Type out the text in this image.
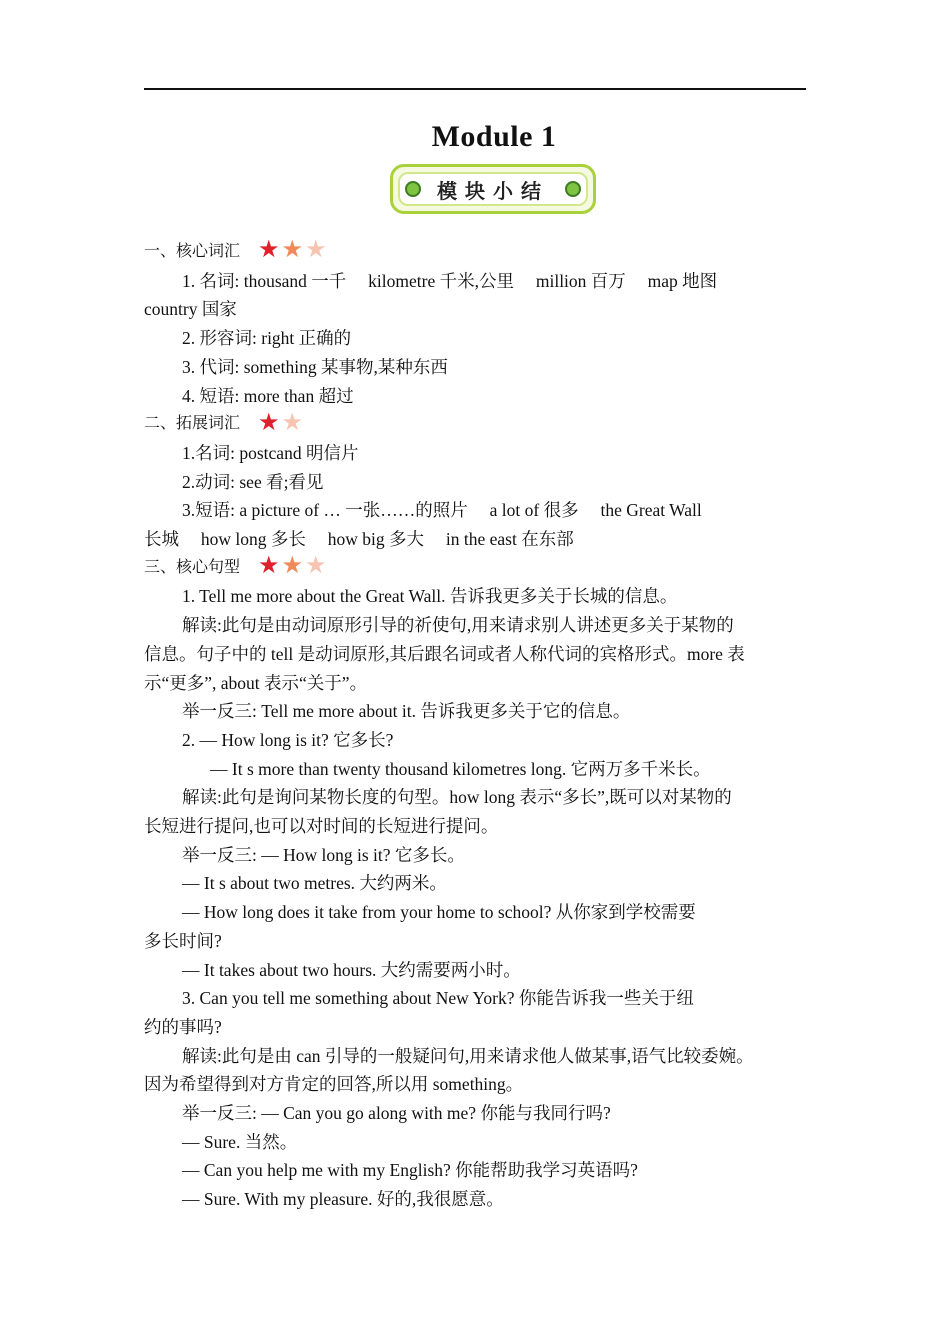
Module 1
模块小结
一、核心词汇 ★ ★ ★

1. 名词: thousand 一千　 kilometre 千米,公里　 million 百万　 map 地图

country 国家

2. 形容词: right 正确的

3. 代词: something 某事物,某种东西

4. 短语: more than 超过

二、拓展词汇 ★ ★

1.名词: postcand 明信片

2.动词: see 看;看见

3.短语: a picture of … 一张……的照片　 a lot of 很多　 the Great Wall

长城　 how long 多长　 how big 多大　 in the east 在东部

三、核心句型 ★ ★ ★

1. Tell me more about the Great Wall. 告诉我更多关于长城的信息。

解读:此句是由动词原形引导的祈使句,用来请求别人讲述更多关于某物的

信息。句子中的 tell 是动词原形,其后跟名词或者人称代词的宾格形式。more 表

示“更多”, about 表示“关于”。

举一反三: Tell me more about it. 告诉我更多关于它的信息。

2. — How long is it? 它多长?

— It s more than twenty thousand kilometres long. 它两万多千米长。

解读:此句是询问某物长度的句型。how long 表示“多长”,既可以对某物的

长短进行提问,也可以对时间的长短进行提问。

举一反三: — How long is it? 它多长。

— It s about two metres. 大约两米。

— How long does it take from your home to school? 从你家到学校需要

多长时间?

— It takes about two hours. 大约需要两小时。

3. Can you tell me something about New York? 你能告诉我一些关于纽

约的事吗?

解读:此句是由 can 引导的一般疑问句,用来请求他人做某事,语气比较委婉。

因为希望得到对方肯定的回答,所以用 something。

举一反三: — Can you go along with me? 你能与我同行吗?

— Sure. 当然。

— Can you help me with my English? 你能帮助我学习英语吗?

— Sure. With my pleasure. 好的,我很愿意。
